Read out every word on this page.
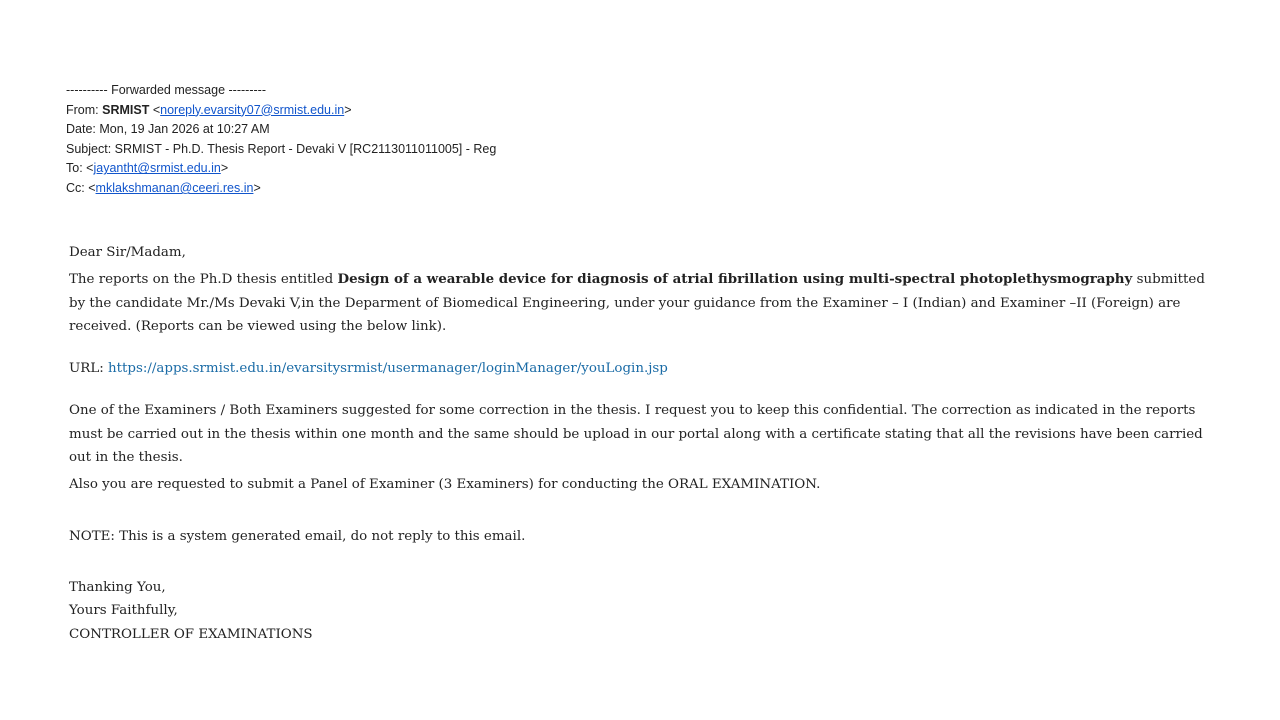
---------- Forwarded message ---------
From: SRMIST <noreply.evarsity07@srmist.edu.in>
Date: Mon, 19 Jan 2026 at 10:27 AM
Subject: SRMIST - Ph.D. Thesis Report - Devaki V [RC2113011011005] - Reg
To: <jayantht@srmist.edu.in>
Cc: <mklakshmanan@ceeri.res.in>

Dear Sir/Madam,

The reports on the Ph.D thesis entitled Design of a wearable device for diagnosis of atrial fibrillation using multi-spectral photoplethysmography submitted by the candidate Mr./Ms Devaki V,in the Deparment of Biomedical Engineering, under your guidance from the Examiner – I (Indian) and Examiner –II (Foreign) are received. (Reports can be viewed using the below link).

URL: https://apps.srmist.edu.in/evarsitysrmist/usermanager/loginManager/youLogin.jsp

One of the Examiners / Both Examiners suggested for some correction in the thesis. I request you to keep this confidential. The correction as indicated in the reports must be carried out in the thesis within one month and the same should be upload in our portal along with a certificate stating that all the revisions have been carried out in the thesis.

Also you are requested to submit a Panel of Examiner (3 Examiners) for conducting the ORAL EXAMINATION.

NOTE: This is a system generated email, do not reply to this email.

Thanking You,

Yours Faithfully,

CONTROLLER OF EXAMINATIONS
